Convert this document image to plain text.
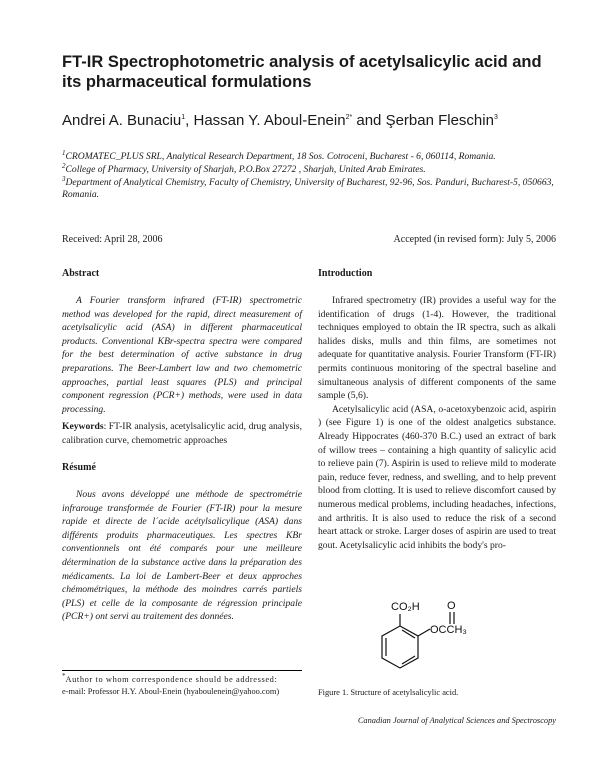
FT-IR Spectrophotometric analysis of acetylsalicylic acid and its pharmaceutical formulations
Andrei A. Bunaciu$^1$, Hassan Y. Aboul-Enein$^{2*}$ and Şerban Fleschin$^3$
$^1$CROMATEC_PLUS SRL, Analytical Research Department, 18 Sos. Cotroceni, Bucharest - 6, 060114, Romania.
$^2$College of Pharmacy, University of Sharjah, P.O.Box 27272 , Sharjah, United Arab Emirates.
$^3$Department of Analytical Chemistry, Faculty of Chemistry, University of Bucharest, 92-96, Sos. Panduri, Bucharest-5, 050663, Romania.
Received: April 28, 2006	Accepted (in revised form): July 5, 2006
Abstract

A Fourier transform infrared (FT-IR) spectrometric method was developed for the rapid, direct measurement of acetylsalicylic acid (ASA) in different pharmaceutical products. Conventional KBr-spectra spectra were compared for the best determination of active substance in drug preparations. The Beer-Lambert law and two chemometric approaches, partial least squares (PLS) and principal component regression (PCR+) methods, were used in data processing.

Keywords: FT-IR analysis, acetylsalicylic acid, drug analysis, calibration curve, chemometric approaches

Résumé

Nous avons développé une méthode de spectrométrie infrarouge transformée de Fourier (FT-IR) pour la mesure rapide et directe de l´acide acétylsalicylique (ASA) dans différents produits pharmaceutiques. Les spectres KBr conventionnels ont été comparés pour une meilleure détermination de la substance active dans la préparation des médicaments. La loi de Lambert-Beer et deux approches chémométriques, la méthode des moindres carrés partiels (PLS) et celle de la composante de régression principale (PCR+) ont servi au traitement des données.

*Author to whom correspondence should be addressed:
e-mail: Professor H.Y. Aboul-Enein (hyaboulenein@yahoo.com)
Introduction

Infrared spectrometry (IR) provides a useful way for the identification of drugs (1-4). However, the traditional techniques employed to obtain the IR spectra, such as alkali halides disks, mulls and thin films, are sometimes not adequate for quantitative analysis. Fourier Transform (FT-IR) permits continuous monitoring of the spectral baseline and simultaneous analysis of different components of the same sample (5,6).

Acetylsalicylic acid (ASA, o-acetoxybenzoic acid, aspirin ) (see Figure 1) is one of the oldest analgetics substance. Already Hippocrates (460-370 B.C.) used an extract of bark of willow trees – containing a high quantity of salicylic acid to relieve pain (7). Aspirin is used to relieve mild to moderate pain, reduce fever, redness, and swelling, and to help prevent blood from clotting. It is used to relieve discomfort caused by numerous medical problems, including headaches, infections, and arthritis. It is also used to reduce the risk of a second heart attack or stroke. Larger doses of aspirin are used to treat gout. Acetylsalicylic acid inhibits the body's pro-

CO₂H O
OCCH₃
Figure 1. Structure of acetylsalicylic acid.
Canadian Journal of Analytical Sciences and Spectroscopy
